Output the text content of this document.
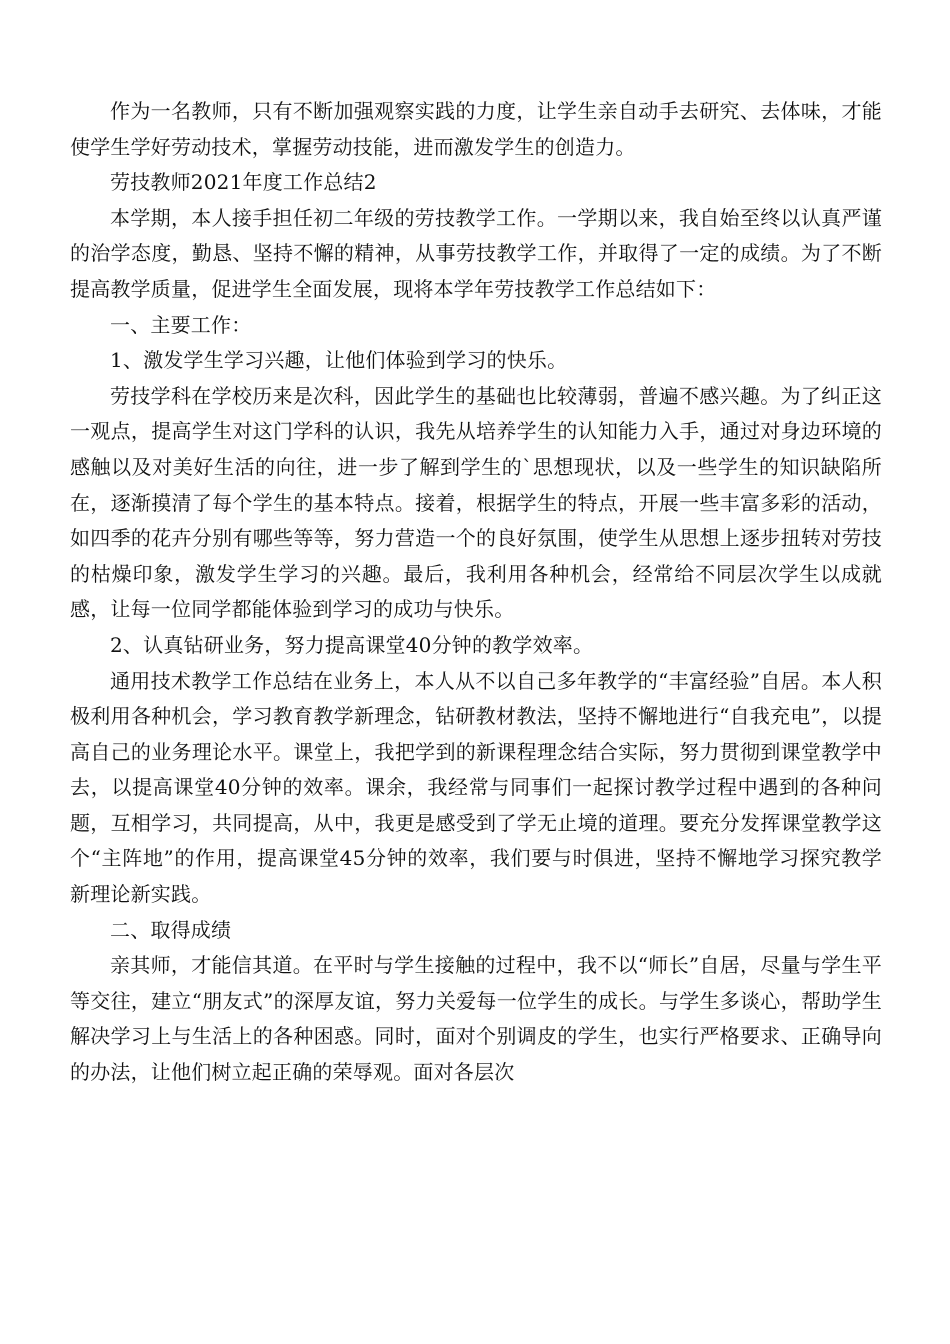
作为一名教师，只有不断加强观察实践的力度，让学生亲自动手去研究、去体味，才能使学生学好劳动技术，掌握劳动技能，进而激发学生的创造力。

劳技教师2021年度工作总结2

本学期，本人接手担任初二年级的劳技教学工作。一学期以来，我自始至终以认真严谨的治学态度，勤恳、坚持不懈的精神，从事劳技教学工作，并取得了一定的成绩。为了不断提高教学质量，促进学生全面发展，现将本学年劳技教学工作总结如下：

一、主要工作：

1、激发学生学习兴趣，让他们体验到学习的快乐。

劳技学科在学校历来是次科，因此学生的基础也比较薄弱，普遍不感兴趣。为了纠正这一观点，提高学生对这门学科的认识，我先从培养学生的认知能力入手，通过对身边环境的感触以及对美好生活的向往，进一步了解到学生的`思想现状，以及一些学生的知识缺陷所在，逐渐摸清了每个学生的基本特点。接着，根据学生的特点，开展一些丰富多彩的活动，如四季的花卉分别有哪些等等，努力营造一个的良好氛围，使学生从思想上逐步扭转对劳技的枯燥印象，激发学生学习的兴趣。最后，我利用各种机会，经常给不同层次学生以成就感，让每一位同学都能体验到学习的成功与快乐。

2、认真钻研业务，努力提高课堂40分钟的教学效率。

通用技术教学工作总结在业务上，本人从不以自己多年教学的“丰富经验”自居。本人积极利用各种机会，学习教育教学新理念，钻研教材教法，坚持不懈地进行“自我充电”，以提高自己的业务理论水平。课堂上，我把学到的新课程理念结合实际，努力贯彻到课堂教学中去，以提高课堂40分钟的效率。课余，我经常与同事们一起探讨教学过程中遇到的各种问题，互相学习，共同提高，从中，我更是感受到了学无止境的道理。要充分发挥课堂教学这个“主阵地”的作用，提高课堂45分钟的效率，我们要与时俱进，坚持不懈地学习探究教学新理论新实践。

二、取得成绩

亲其师，才能信其道。在平时与学生接触的过程中，我不以“师长”自居，尽量与学生平等交往，建立“朋友式”的深厚友谊，努力关爱每一位学生的成长。与学生多谈心，帮助学生解决学习上与生活上的各种困惑。同时，面对个别调皮的学生，也实行严格要求、正确导向的办法，让他们树立起正确的荣辱观。面对各层次
